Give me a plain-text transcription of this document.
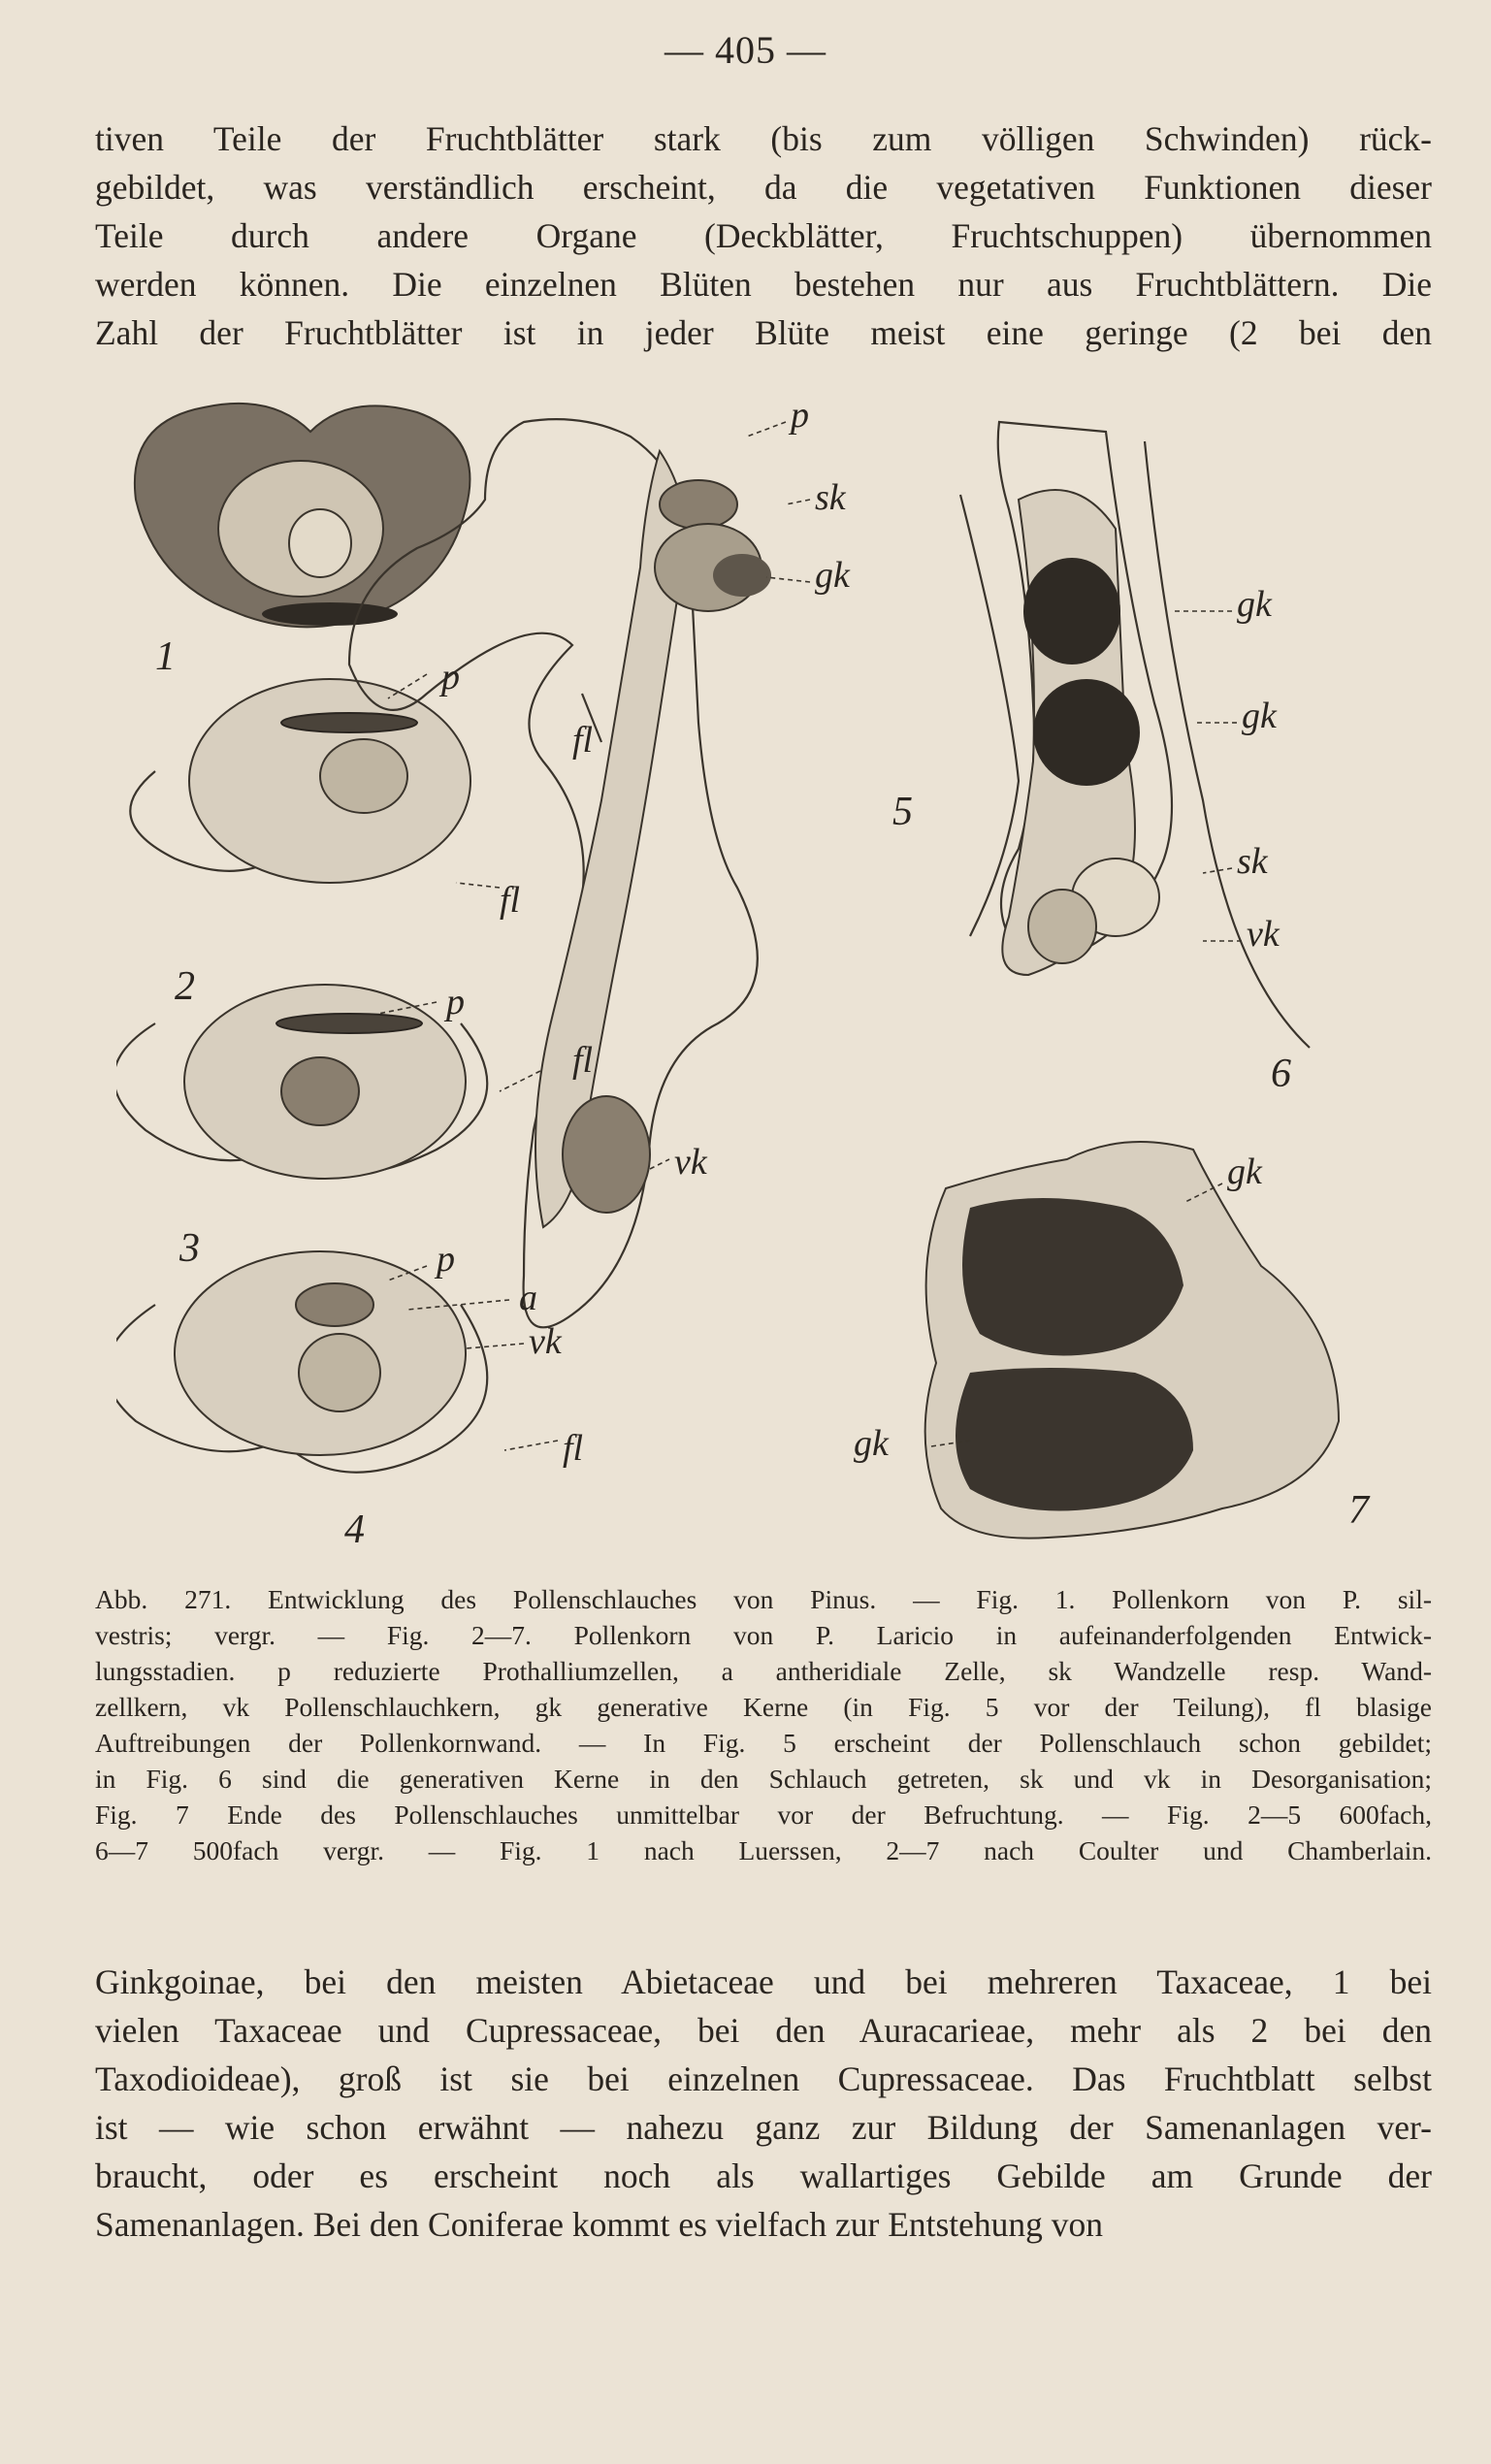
— 405 —
tiven Teile der Fruchtblätter stark (bis zum völligen Schwinden) rück-
gebildet, was verständlich erscheint, da die vegetativen Funktionen dieser
Teile durch andere Organe (Deckblätter, Fruchtschuppen) übernommen
werden können. Die einzelnen Blüten bestehen nur aus Fruchtblättern. Die
Zahl der Fruchtblätter ist in jeder Blüte meist eine geringe (2 bei den
1
2
3
4
5
6
7
p
fl
fl
p
fl
p
a
vk
fl
p
sk
gk
vk
gk
gk
sk
vk
gk
gk
Abb. 271. Entwicklung des Pollenschlauches von Pinus. — Fig. 1. Pollenkorn von P. sil-
vestris; vergr. — Fig. 2—7. Pollenkorn von P. Laricio in aufeinanderfolgenden Entwick-
lungsstadien. p reduzierte Prothalliumzellen, a antheridiale Zelle, sk Wandzelle resp. Wand-
zellkern, vk Pollenschlauchkern, gk generative Kerne (in Fig. 5 vor der Teilung), fl blasige
Auftreibungen der Pollenkornwand. — In Fig. 5 erscheint der Pollenschlauch schon gebildet;
in Fig. 6 sind die generativen Kerne in den Schlauch getreten, sk und vk in Desorganisation;
Fig. 7 Ende des Pollenschlauches unmittelbar vor der Befruchtung. — Fig. 2—5 600fach,
6—7 500fach vergr. — Fig. 1 nach Luerssen, 2—7 nach Coulter und Chamberlain.
Ginkgoinae, bei den meisten Abietaceae und bei mehreren Taxaceae, 1 bei
vielen Taxaceae und Cupressaceae, bei den Auracarieae, mehr als 2 bei den
Taxodioideae), groß ist sie bei einzelnen Cupressaceae. Das Fruchtblatt selbst
ist — wie schon erwähnt — nahezu ganz zur Bildung der Samenanlagen ver-
braucht, oder es erscheint noch als wallartiges Gebilde am Grunde der
Samenanlagen. Bei den Coniferae kommt es vielfach zur Entstehung von
